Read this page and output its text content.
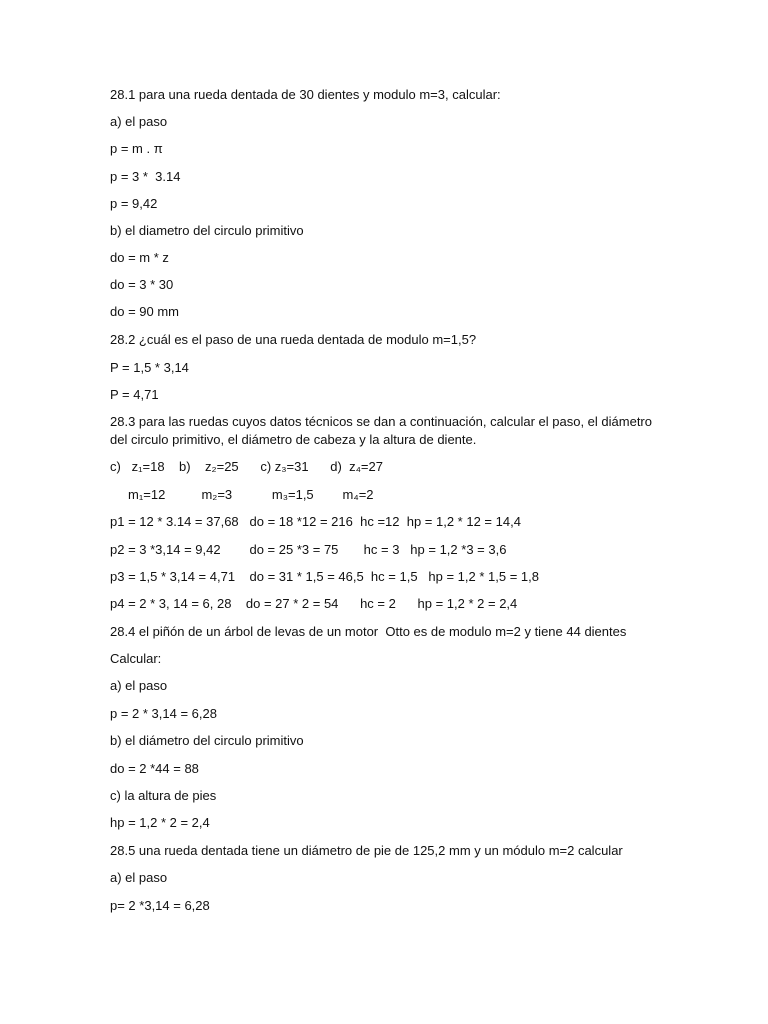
28.1 para una rueda dentada de 30 dientes y modulo m=3, calcular:
a) el paso
p = m . π
p = 3 *  3.14
p = 9,42
b) el diametro del circulo primitivo
do = m * z
do = 3 * 30
do = 90 mm
28.2 ¿cuál es el paso de una rueda dentada de modulo m=1,5?
P = 1,5 * 3,14
P = 4,71
28.3 para las ruedas cuyos datos técnicos se dan a continuación, calcular el paso, el diámetro del circulo primitivo, el diámetro de cabeza y la altura de diente.
c)   z₁=18    b)    z₂=25      c) z₃=31      d)  z₄=27
m₁=12          m₂=3           m₃=1,5        m₄=2
p1 = 12 * 3.14 = 37,68   do = 18 *12 = 216  hc =12  hp = 1,2 * 12 = 14,4
p2 = 3 *3,14 = 9,42        do = 25 *3 = 75       hc = 3   hp = 1,2 *3 = 3,6
p3 = 1,5 * 3,14 = 4,71    do = 31 * 1,5 = 46,5  hc = 1,5   hp = 1,2 * 1,5 = 1,8
p4 = 2 * 3, 14 = 6, 28    do = 27 * 2 = 54      hc = 2      hp = 1,2 * 2 = 2,4
28.4 el piñón de un árbol de levas de un motor  Otto es de modulo m=2 y tiene 44 dientes
Calcular:
a) el paso
p = 2 * 3,14 = 6,28
b) el diámetro del circulo primitivo
do = 2 *44 = 88
c) la altura de pies
hp = 1,2 * 2 = 2,4
28.5 una rueda dentada tiene un diámetro de pie de 125,2 mm y un módulo m=2 calcular
a) el paso
p= 2 *3,14 = 6,28
